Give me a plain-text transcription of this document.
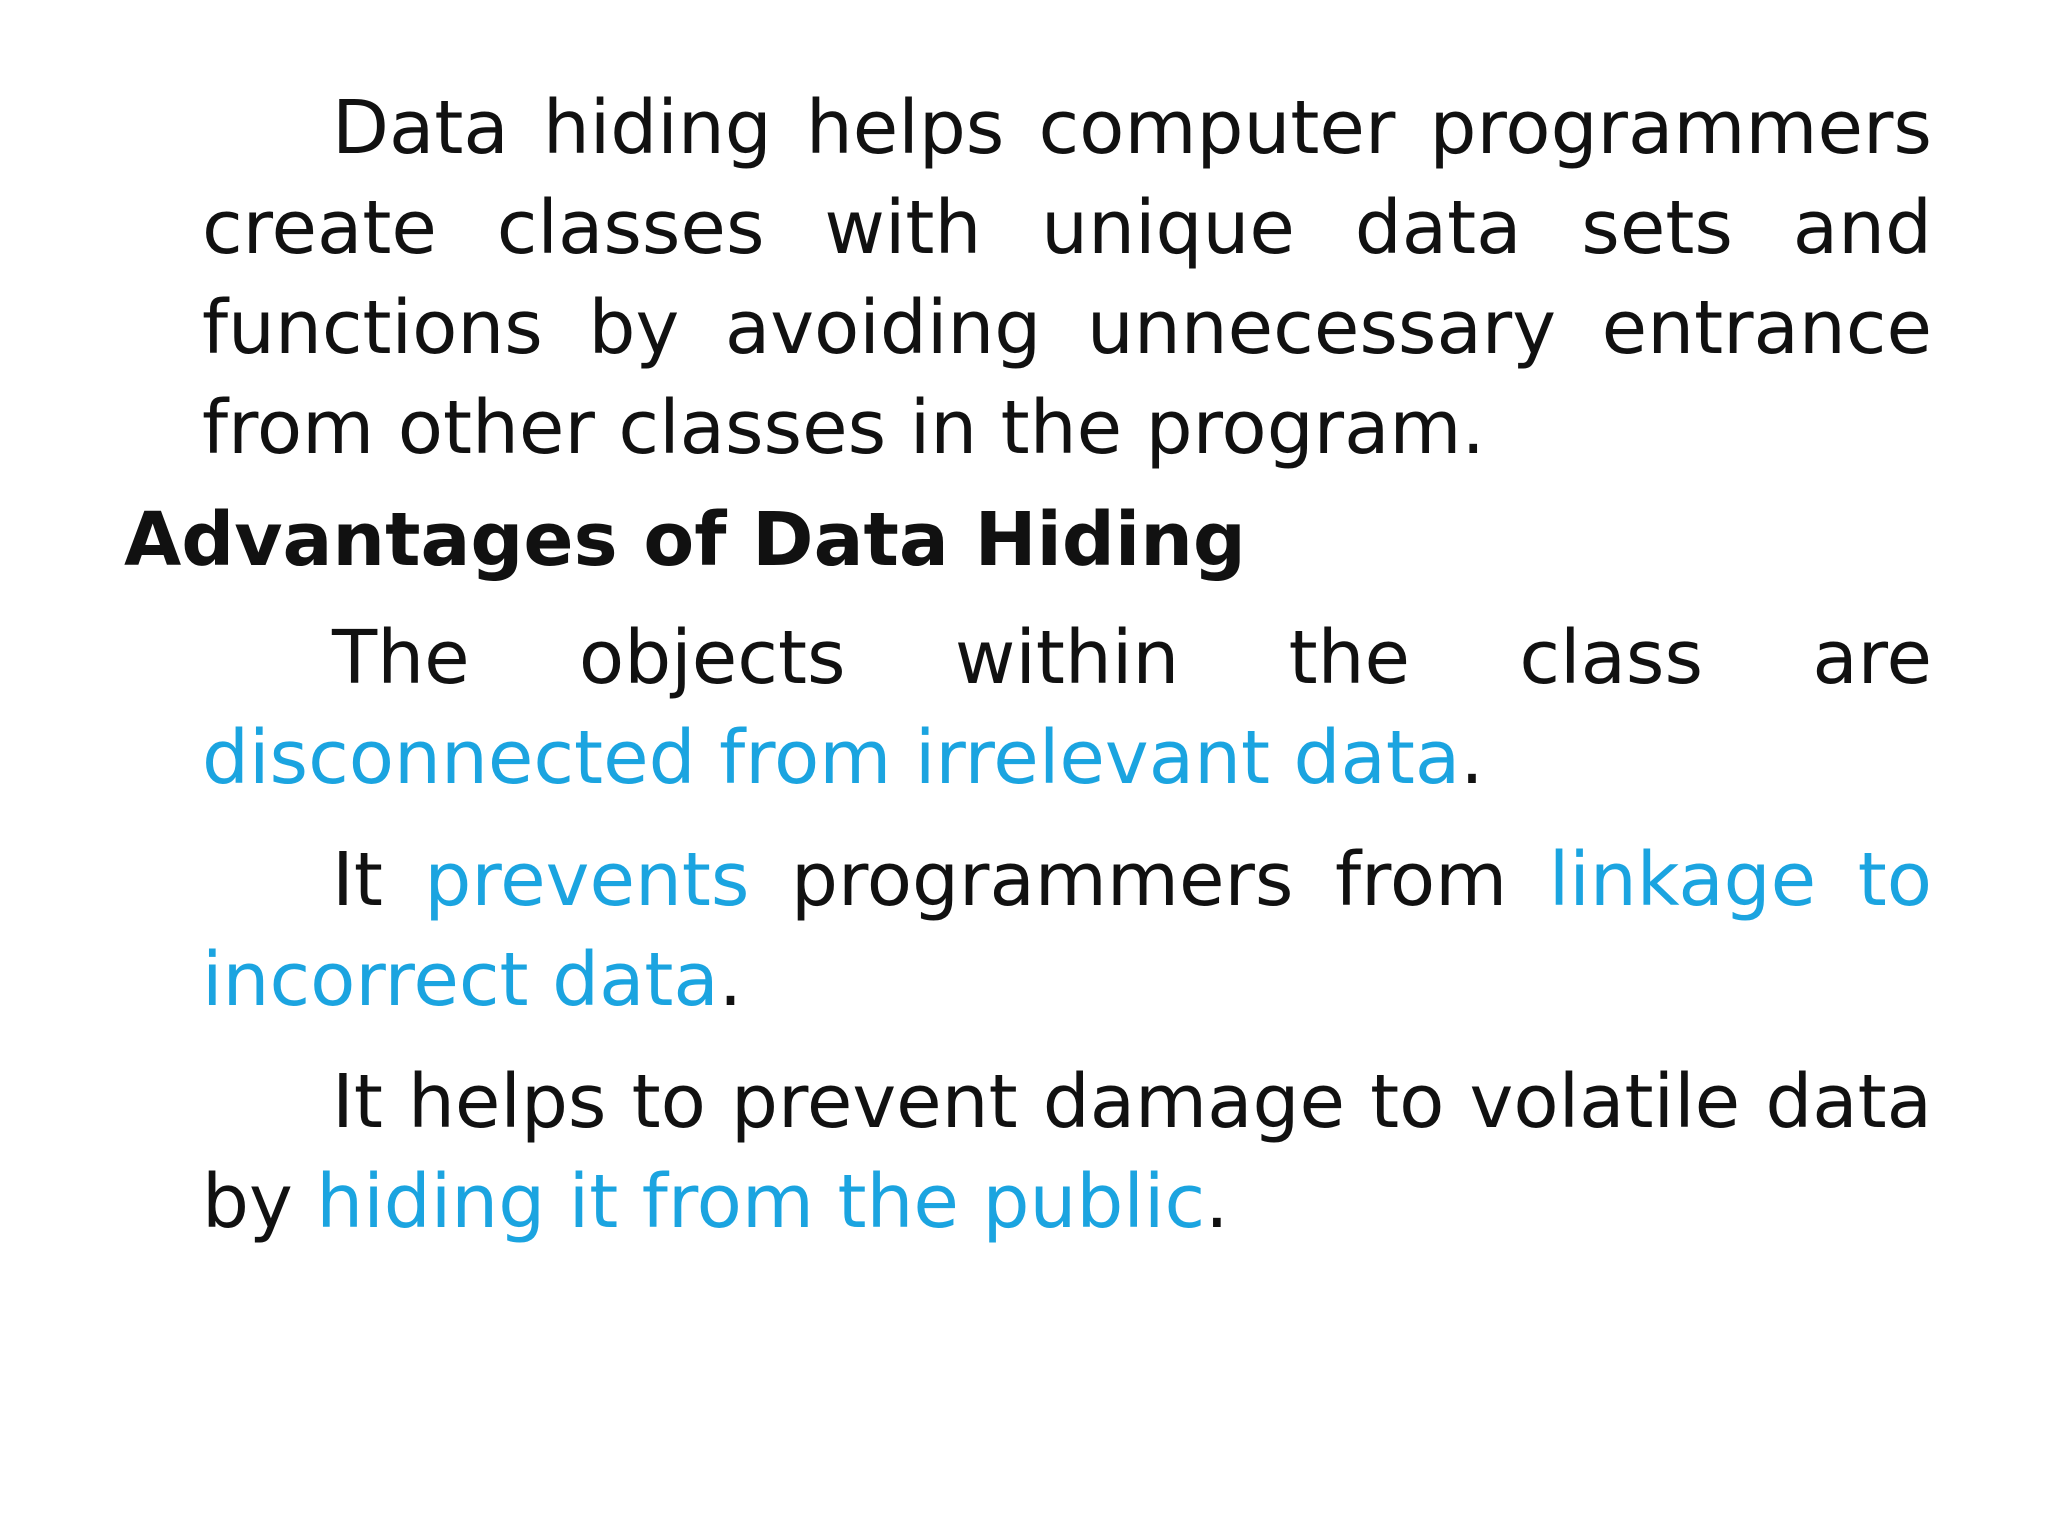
Data hiding helps computer programmers create classes with unique data sets and functions by avoiding unnecessary entrance from other classes in the program.

Advantages of Data Hiding

The objects within the class are disconnected from irrelevant data.

It prevents programmers from linkage to incorrect data.

It helps to prevent damage to volatile data by hiding it from the public.
